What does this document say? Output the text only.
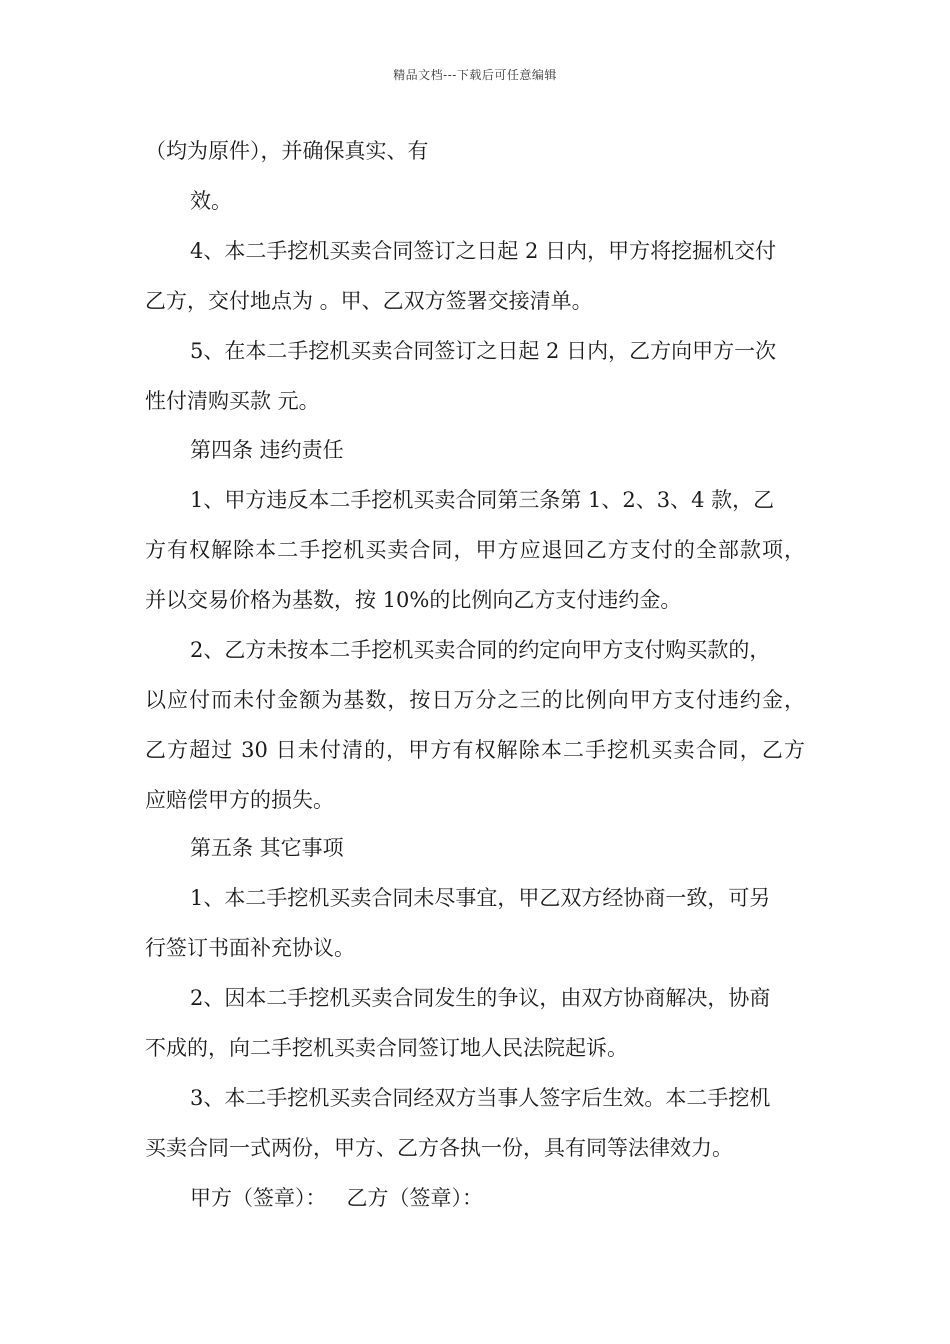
精品文档---下载后可任意编辑
（均为原件），并确保真实、有
效。
4、本二手挖机买卖合同签订之日起 2 日内，甲方将挖掘机交付
乙方，交付地点为 。甲、乙双方签署交接清单。
5、在本二手挖机买卖合同签订之日起 2 日内，乙方向甲方一次
性付清购买款 元。
第四条 违约责任
1、甲方违反本二手挖机买卖合同第三条第 1、2、3、4 款，乙
方有权解除本二手挖机买卖合同，甲方应退回乙方支付的全部款项，
并以交易价格为基数，按 10%的比例向乙方支付违约金。
2、乙方未按本二手挖机买卖合同的约定向甲方支付购买款的，
以应付而未付金额为基数，按日万分之三的比例向甲方支付违约金，
乙方超过 30 日未付清的，甲方有权解除本二手挖机买卖合同，乙方
应赔偿甲方的损失。
第五条 其它事项
1、本二手挖机买卖合同未尽事宜，甲乙双方经协商一致，可另
行签订书面补充协议。
2、因本二手挖机买卖合同发生的争议，由双方协商解决，协商
不成的，向二手挖机买卖合同签订地人民法院起诉。
3、本二手挖机买卖合同经双方当事人签字后生效。本二手挖机
买卖合同一式两份，甲方、乙方各执一份，具有同等法律效力。
甲方（签章）：   乙方（签章）：
